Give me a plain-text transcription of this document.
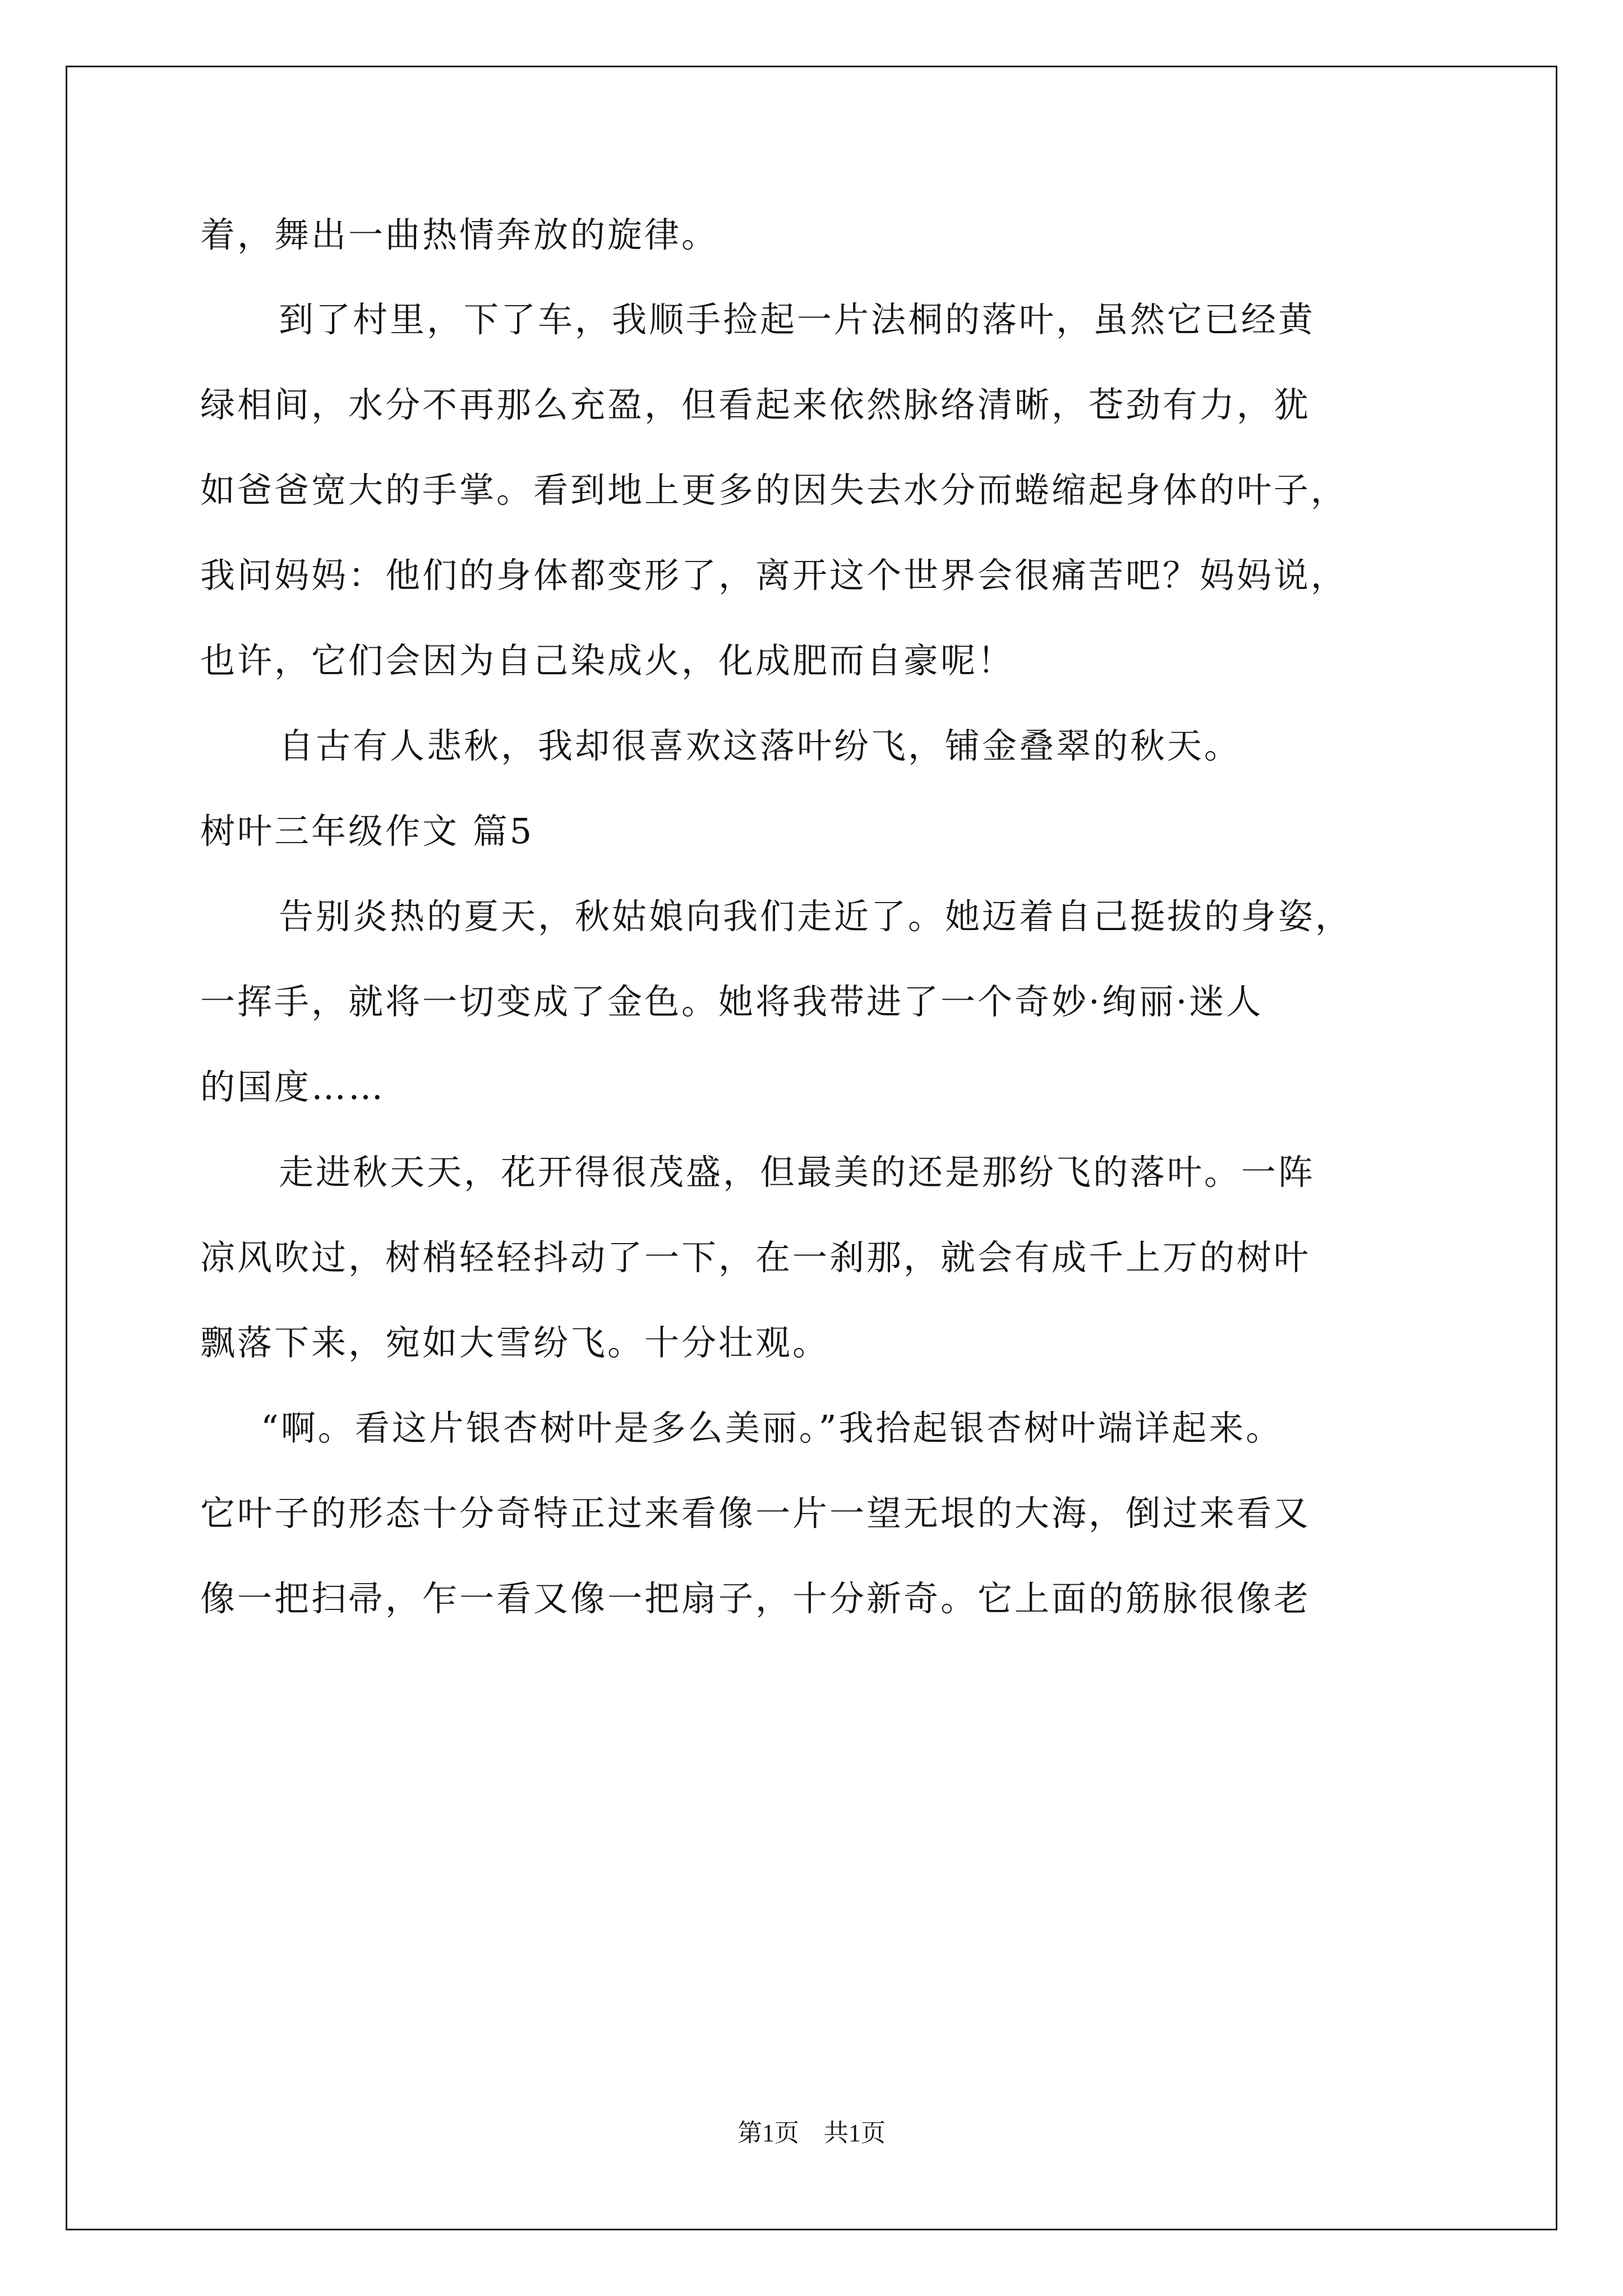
着，舞出一曲热情奔放的旋律。
到了村里，下了车，我顺手捡起一片法桐的落叶，虽然它已经黄
绿相间，水分不再那么充盈，但看起来依然脉络清晰，苍劲有力，犹
如爸爸宽大的手掌。看到地上更多的因失去水分而蜷缩起身体的叶子，
我问妈妈：他们的身体都变形了，离开这个世界会很痛苦吧？妈妈说，
也许，它们会因为自己染成火，化成肥而自豪呢！
自古有人悲秋，我却很喜欢这落叶纷飞，铺金叠翠的秋天。
树叶三年级作文 篇5
告别炎热的夏天，秋姑娘向我们走近了。她迈着自己挺拔的身姿，
一挥手，就将一切变成了金色。她将我带进了一个奇妙·绚丽·迷人
的国度……
走进秋天天，花开得很茂盛，但最美的还是那纷飞的落叶。一阵
凉风吹过，树梢轻轻抖动了一下，在一刹那，就会有成千上万的树叶
飘落下来，宛如大雪纷飞。十分壮观。
“啊。看这片银杏树叶是多么美丽。”我拾起银杏树叶端详起来。
它叶子的形态十分奇特正过来看像一片一望无垠的大海，倒过来看又
像一把扫帚，乍一看又像一把扇子，十分新奇。它上面的筋脉很像老
第1页　共1页
